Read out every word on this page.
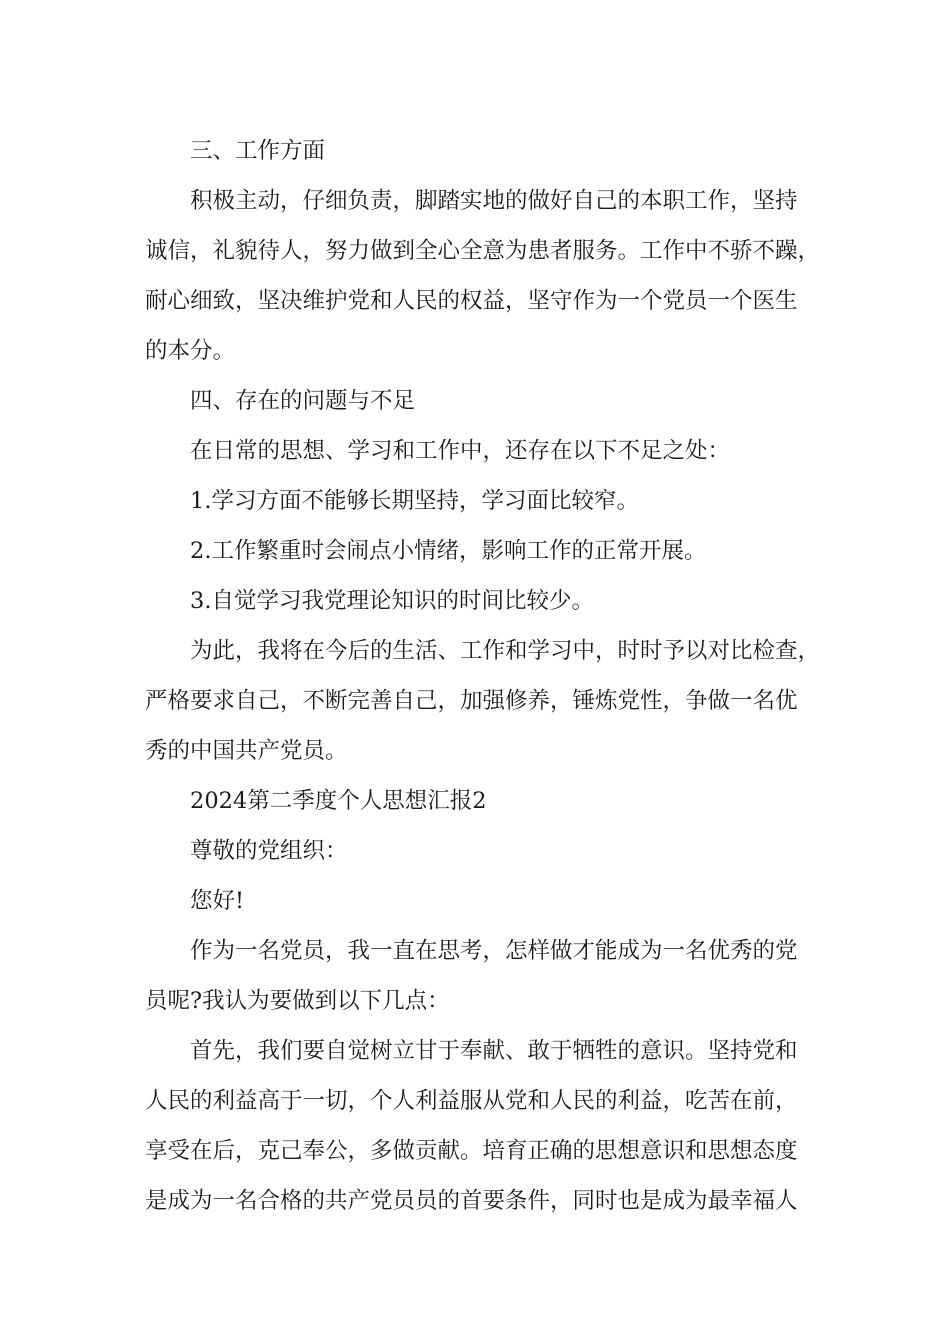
三、工作方面
积极主动，仔细负责，脚踏实地的做好自己的本职工作，坚持
诚信，礼貌待人，努力做到全心全意为患者服务。工作中不骄不躁，
耐心细致，坚决维护党和人民的权益，坚守作为一个党员一个医生
的本分。
四、存在的问题与不足
在日常的思想、学习和工作中，还存在以下不足之处：
1.学习方面不能够长期坚持，学习面比较窄。
2.工作繁重时会闹点小情绪，影响工作的正常开展。
3.自觉学习我党理论知识的时间比较少。
为此，我将在今后的生活、工作和学习中，时时予以对比检查，
严格要求自己，不断完善自己，加强修养，锤炼党性，争做一名优
秀的中国共产党员。
2024第二季度个人思想汇报2
尊敬的党组织：
您好!
作为一名党员，我一直在思考，怎样做才能成为一名优秀的党
员呢?我认为要做到以下几点：
首先，我们要自觉树立甘于奉献、敢于牺牲的意识。坚持党和
人民的利益高于一切，个人利益服从党和人民的利益，吃苦在前，
享受在后，克己奉公，多做贡献。培育正确的思想意识和思想态度
是成为一名合格的共产党员员的首要条件，同时也是成为最幸福人
